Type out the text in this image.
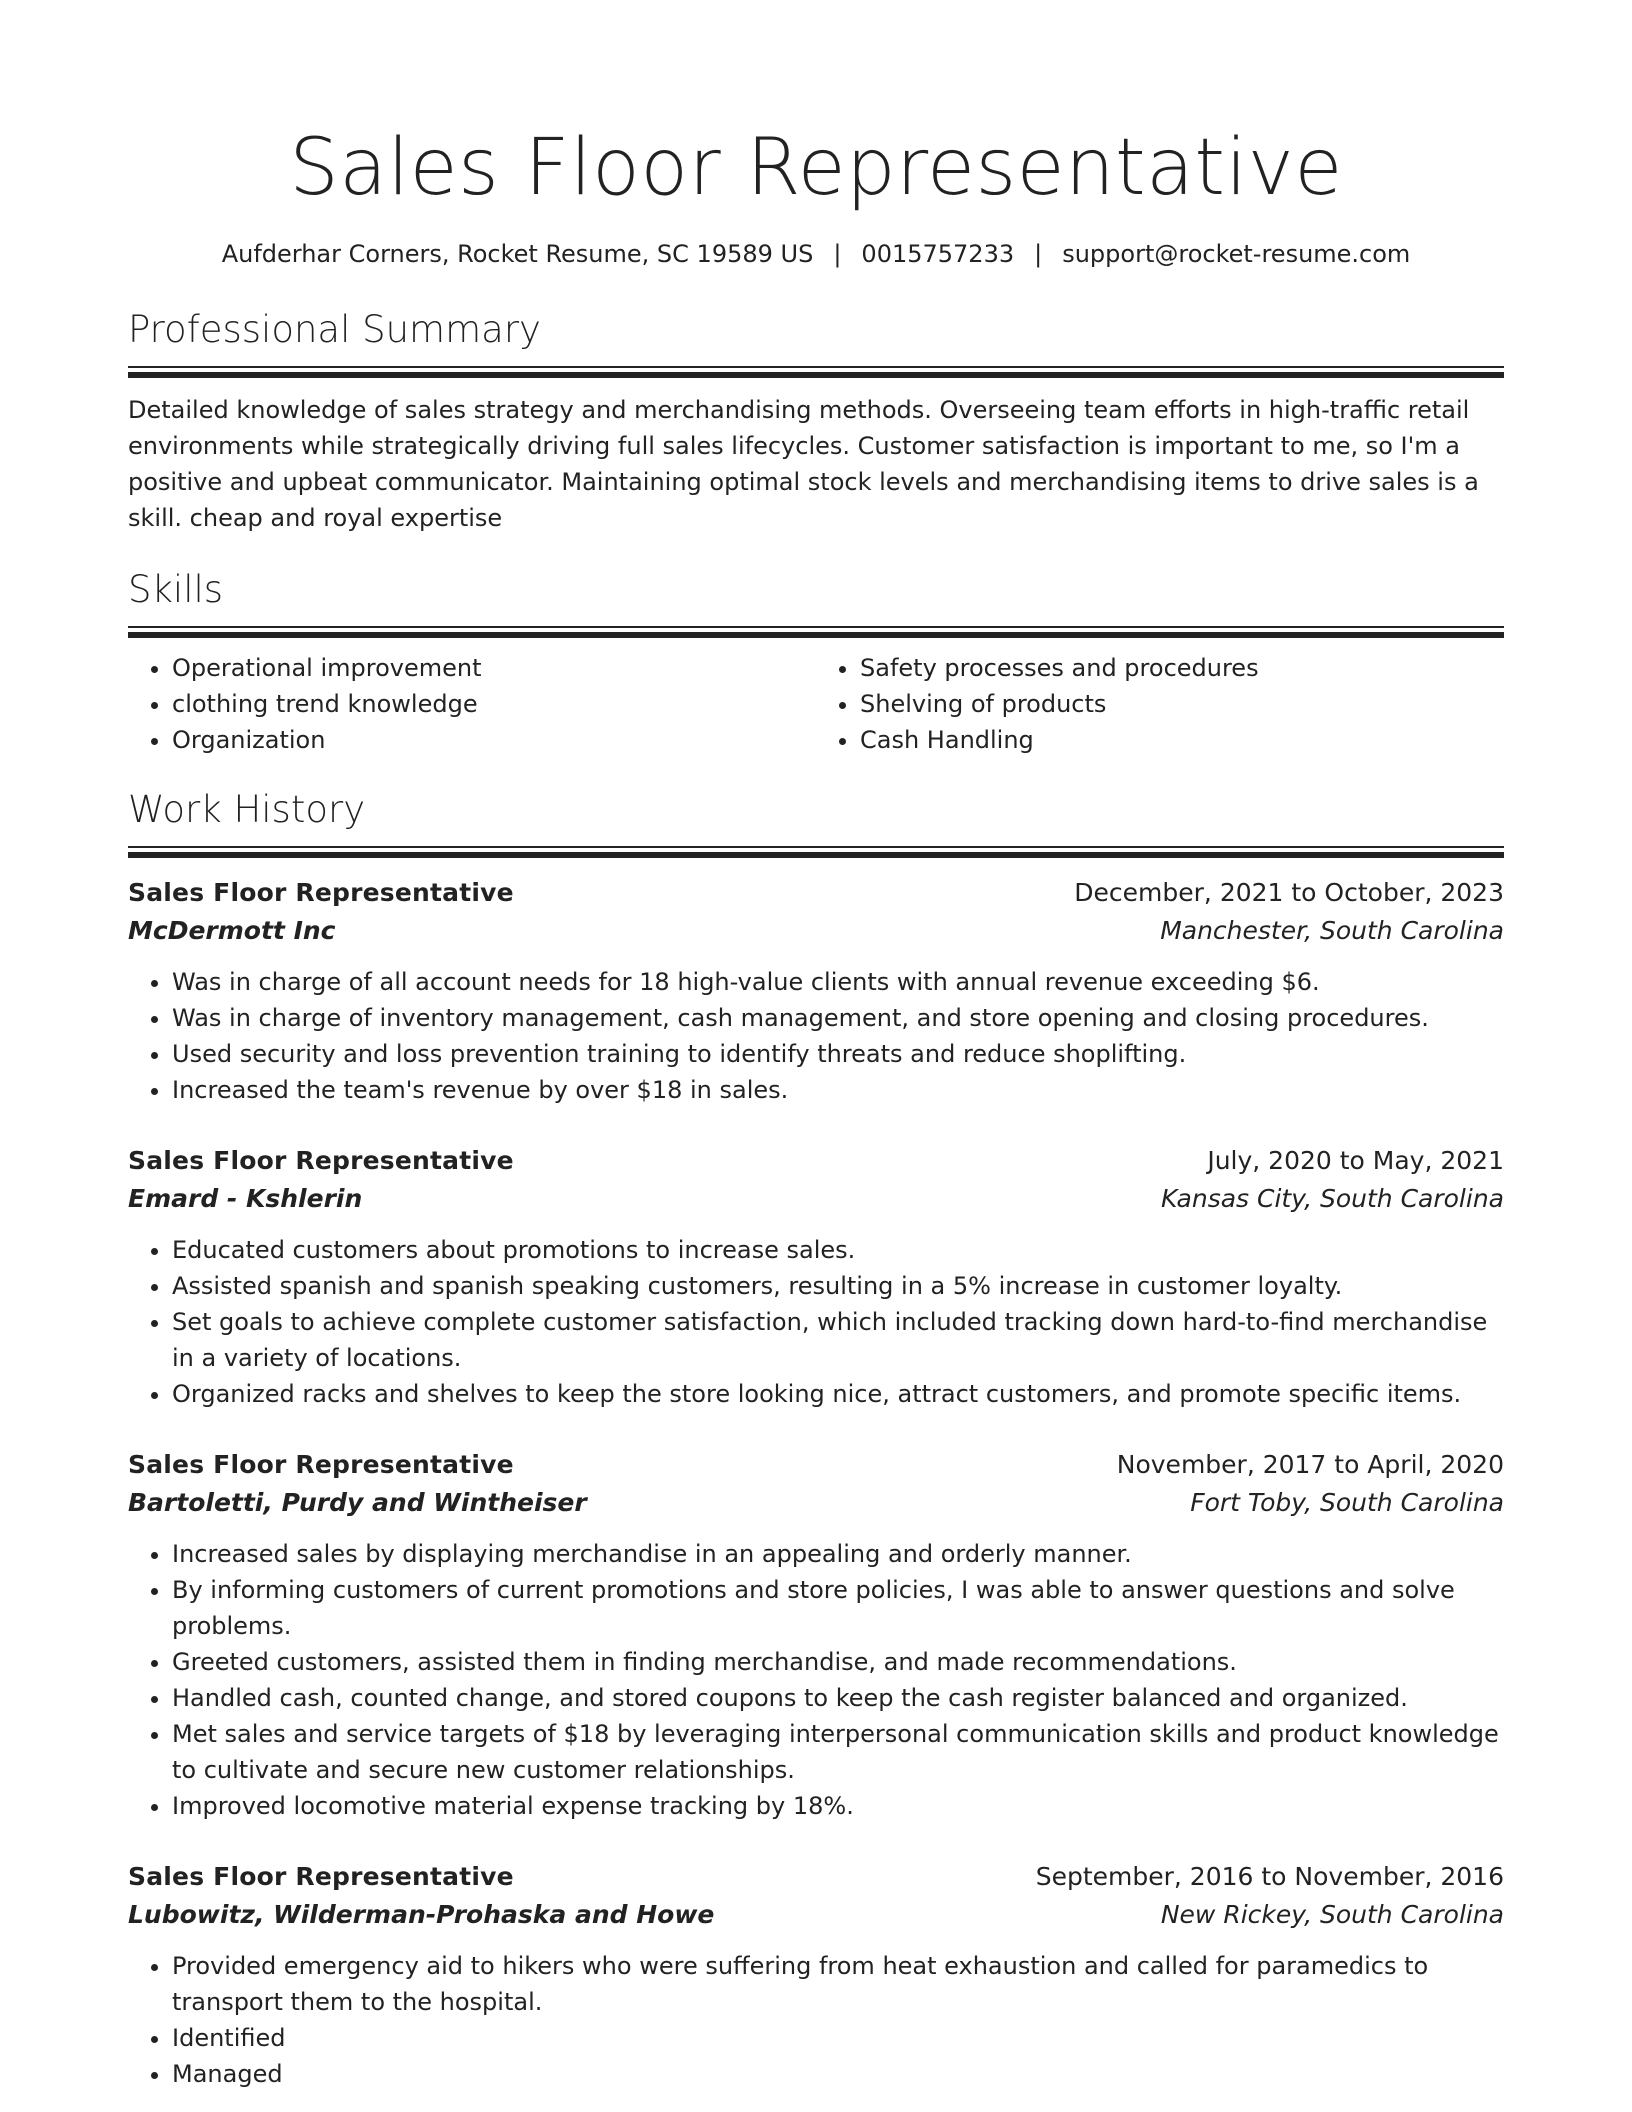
Sales Floor Representative
Aufderhar Corners, Rocket Resume, SC 19589 US | 0015757233 | support@rocket-resume.com
Professional Summary

Detailed knowledge of sales strategy and merchandising methods. Overseeing team efforts in high-traffic retail environments while strategically driving full sales lifecycles. Customer satisfaction is important to me, so I'm a positive and upbeat communicator. Maintaining optimal stock levels and merchandising items to drive sales is a skill. cheap and royal expertise

Skills
• Operational improvement
• clothing trend knowledge
• Organization
• Safety processes and procedures
• Shelving of products
• Cash Handling
Work History
Sales Floor Representative	December, 2021 to October, 2023
McDermott Inc	Manchester, South Carolina
• Was in charge of all account needs for 18 high-value clients with annual revenue exceeding $6.
• Was in charge of inventory management, cash management, and store opening and closing procedures.
• Used security and loss prevention training to identify threats and reduce shoplifting.
• Increased the team's revenue by over $18 in sales.
Sales Floor Representative	July, 2020 to May, 2021
Emard - Kshlerin	Kansas City, South Carolina
• Educated customers about promotions to increase sales.
• Assisted spanish and spanish speaking customers, resulting in a 5% increase in customer loyalty.
• Set goals to achieve complete customer satisfaction, which included tracking down hard-to-find merchandise in a variety of locations.
• Organized racks and shelves to keep the store looking nice, attract customers, and promote specific items.
Sales Floor Representative	November, 2017 to April, 2020
Bartoletti, Purdy and Wintheiser	Fort Toby, South Carolina
• Increased sales by displaying merchandise in an appealing and orderly manner.
• By informing customers of current promotions and store policies, I was able to answer questions and solve problems.
• Greeted customers, assisted them in finding merchandise, and made recommendations.
• Handled cash, counted change, and stored coupons to keep the cash register balanced and organized.
• Met sales and service targets of $18 by leveraging interpersonal communication skills and product knowledge to cultivate and secure new customer relationships.
• Improved locomotive material expense tracking by 18%.
Sales Floor Representative	September, 2016 to November, 2016
Lubowitz, Wilderman-Prohaska and Howe	New Rickey, South Carolina
• Provided emergency aid to hikers who were suffering from heat exhaustion and called for paramedics to transport them to the hospital.
• Identified
• Managed
